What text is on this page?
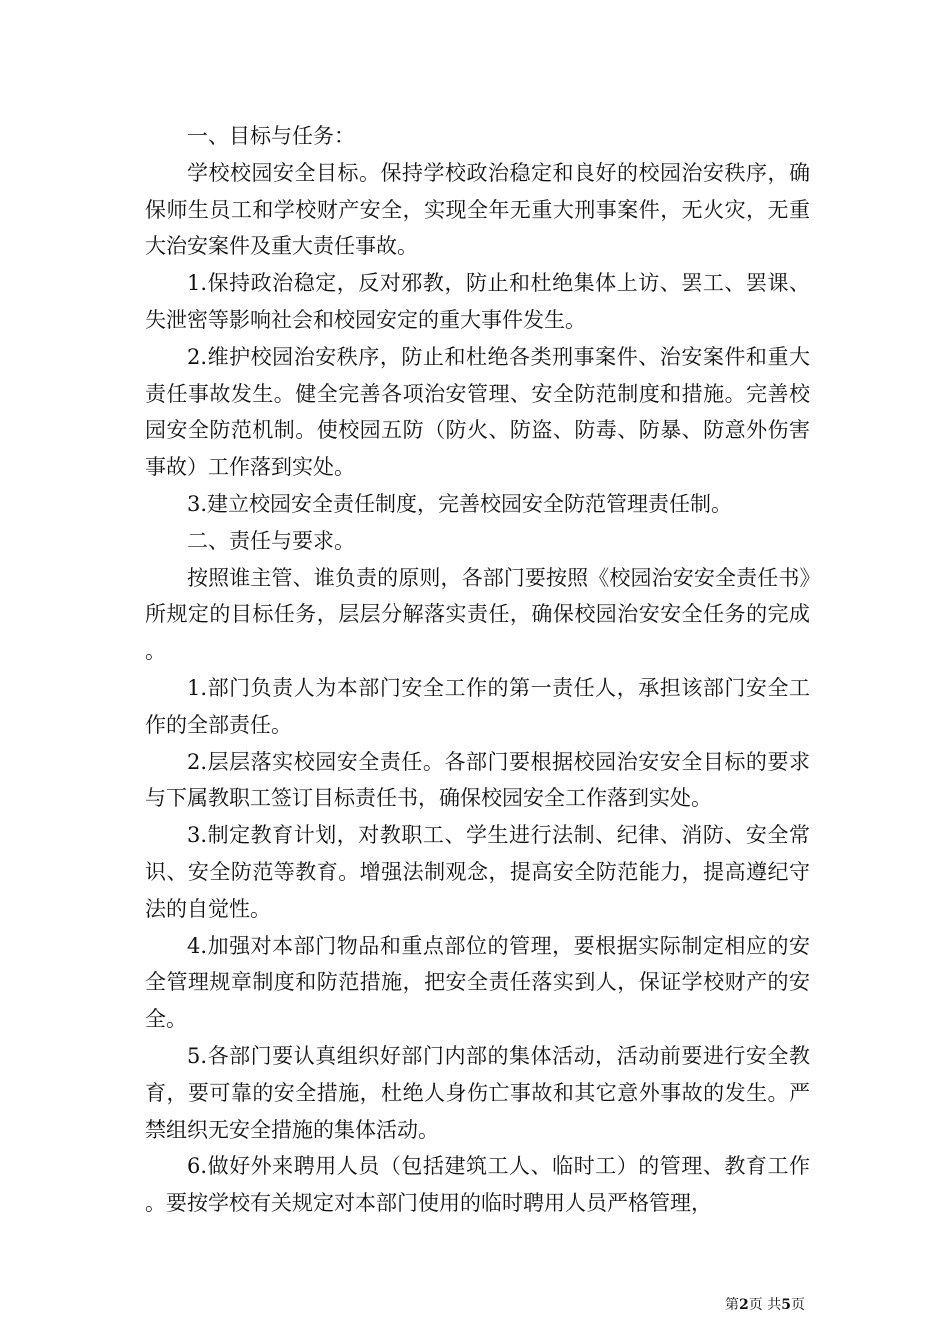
一、目标与任务：

学校校园安全目标。保持学校政治稳定和良好的校园治安秩序，确保师生员工和学校财产安全，实现全年无重大刑事案件，无火灾，无重大治安案件及重大责任事故。

1.保持政治稳定，反对邪教，防止和杜绝集体上访、罢工、罢课、失泄密等影响社会和校园安定的重大事件发生。

2.维护校园治安秩序，防止和杜绝各类刑事案件、治安案件和重大责任事故发生。健全完善各项治安管理、安全防范制度和措施。完善校园安全防范机制。使校园五防（防火、防盗、防毒、防暴、防意外伤害事故）工作落到实处。

3.建立校园安全责任制度，完善校园安全防范管理责任制。

二、责任与要求。

按照谁主管、谁负责的原则，各部门要按照《校园治安安全责任书》所规定的目标任务，层层分解落实责任，确保校园治安安全任务的完成。

1.部门负责人为本部门安全工作的第一责任人，承担该部门安全工作的全部责任。

2.层层落实校园安全责任。各部门要根据校园治安安全目标的要求与下属教职工签订目标责任书，确保校园安全工作落到实处。

3.制定教育计划，对教职工、学生进行法制、纪律、消防、安全常识、安全防范等教育。增强法制观念，提高安全防范能力，提高遵纪守法的自觉性。

4.加强对本部门物品和重点部位的管理，要根据实际制定相应的安全管理规章制度和防范措施，把安全责任落实到人，保证学校财产的安全。

5.各部门要认真组织好部门内部的集体活动，活动前要进行安全教育，要可靠的安全措施，杜绝人身伤亡事故和其它意外事故的发生。严禁组织无安全措施的集体活动。

6.做好外来聘用人员（包括建筑工人、临时工）的管理、教育工作。要按学校有关规定对本部门使用的临时聘用人员严格管理，

第2页 共5页
